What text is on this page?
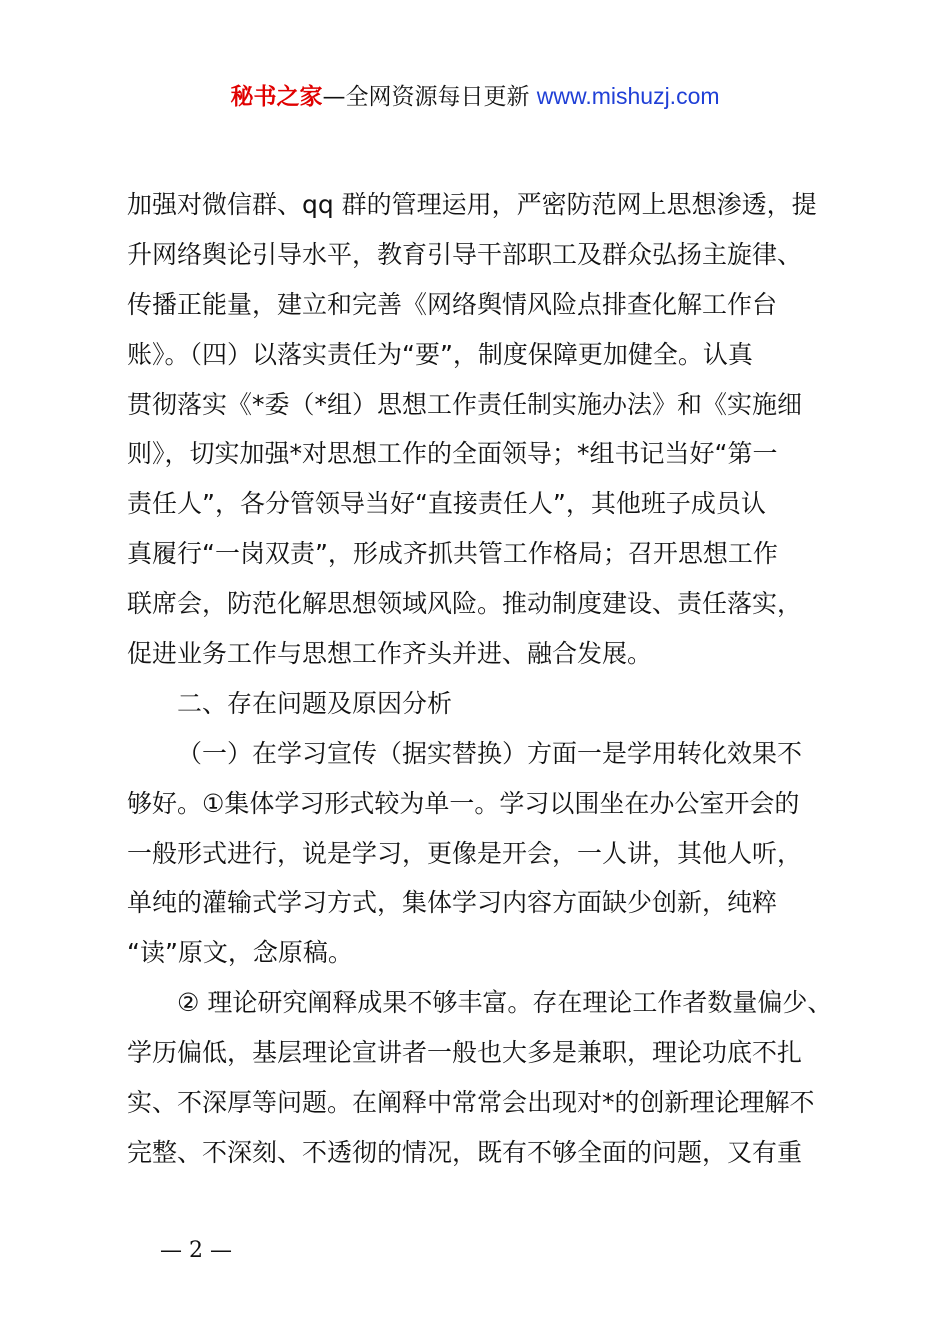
秘书之家—全网资源每日更新 www.mishuzj.com
加强对微信群、qq 群的管理运用，严密防范网上思想渗透，提
升网络舆论引导水平，教育引导干部职工及群众弘扬主旋律、
传播正能量，建立和完善《网络舆情风险点排查化解工作台
账》。（四）以落实责任为“要”，制度保障更加健全。认真
贯彻落实《*委（*组）思想工作责任制实施办法》和《实施细
则》，切实加强*对思想工作的全面领导；*组书记当好“第一
责任人”，各分管领导当好“直接责任人”，其他班子成员认
真履行“一岗双责”，形成齐抓共管工作格局；召开思想工作
联席会，防范化解思想领域风险。推动制度建设、责任落实，
促进业务工作与思想工作齐头并进、融合发展。
二、存在问题及原因分析
（一）在学习宣传（据实替换）方面一是学用转化效果不
够好。①集体学习形式较为单一。学习以围坐在办公室开会的
一般形式进行，说是学习，更像是开会，一人讲，其他人听，
单纯的灌输式学习方式，集体学习内容方面缺少创新，纯粹
“读”原文，念原稿。
② 理论研究阐释成果不够丰富。存在理论工作者数量偏少、
学历偏低，基层理论宣讲者一般也大多是兼职，理论功底不扎
实、不深厚等问题。在阐释中常常会出现对*的创新理论理解不
完整、不深刻、不透彻的情况，既有不够全面的问题，又有重
— 2 —
